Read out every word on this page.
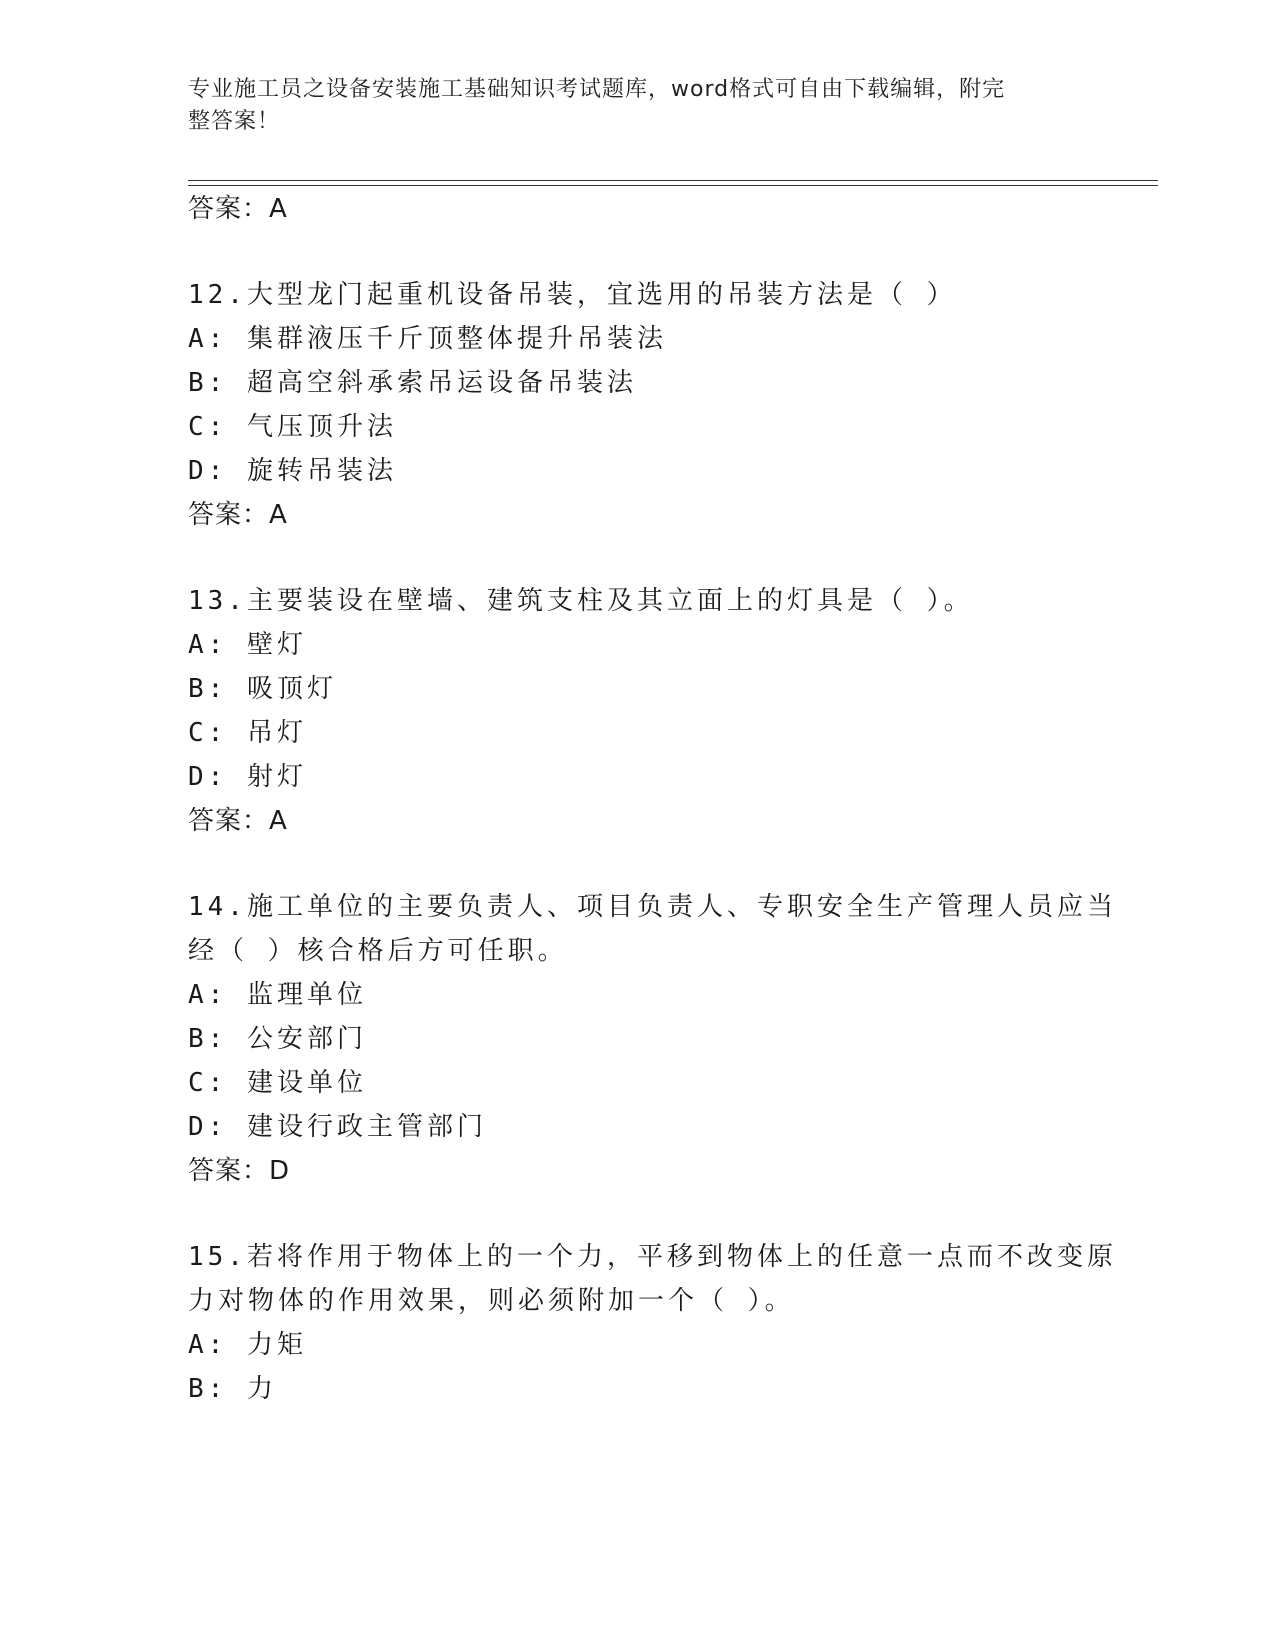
专业施工员之设备安装施工基础知识考试题库，word格式可自由下载编辑，附完
整答案！
答案：A
12.大型龙门起重机设备吊装，宜选用的吊装方法是（ ）
A: 集群液压千斤顶整体提升吊装法
B: 超高空斜承索吊运设备吊装法
C: 气压顶升法
D: 旋转吊装法
答案：A
13.主要装设在壁墙、建筑支柱及其立面上的灯具是（ ）。
A: 壁灯
B: 吸顶灯
C: 吊灯
D: 射灯
答案：A
14.施工单位的主要负责人、项目负责人、专职安全生产管理人员应当
经（ ）核合格后方可任职。
A: 监理单位
B: 公安部门
C: 建设单位
D: 建设行政主管部门
答案：D
15.若将作用于物体上的一个力，平移到物体上的任意一点而不改变原
力对物体的作用效果，则必须附加一个（ ）。
A: 力矩
B: 力
